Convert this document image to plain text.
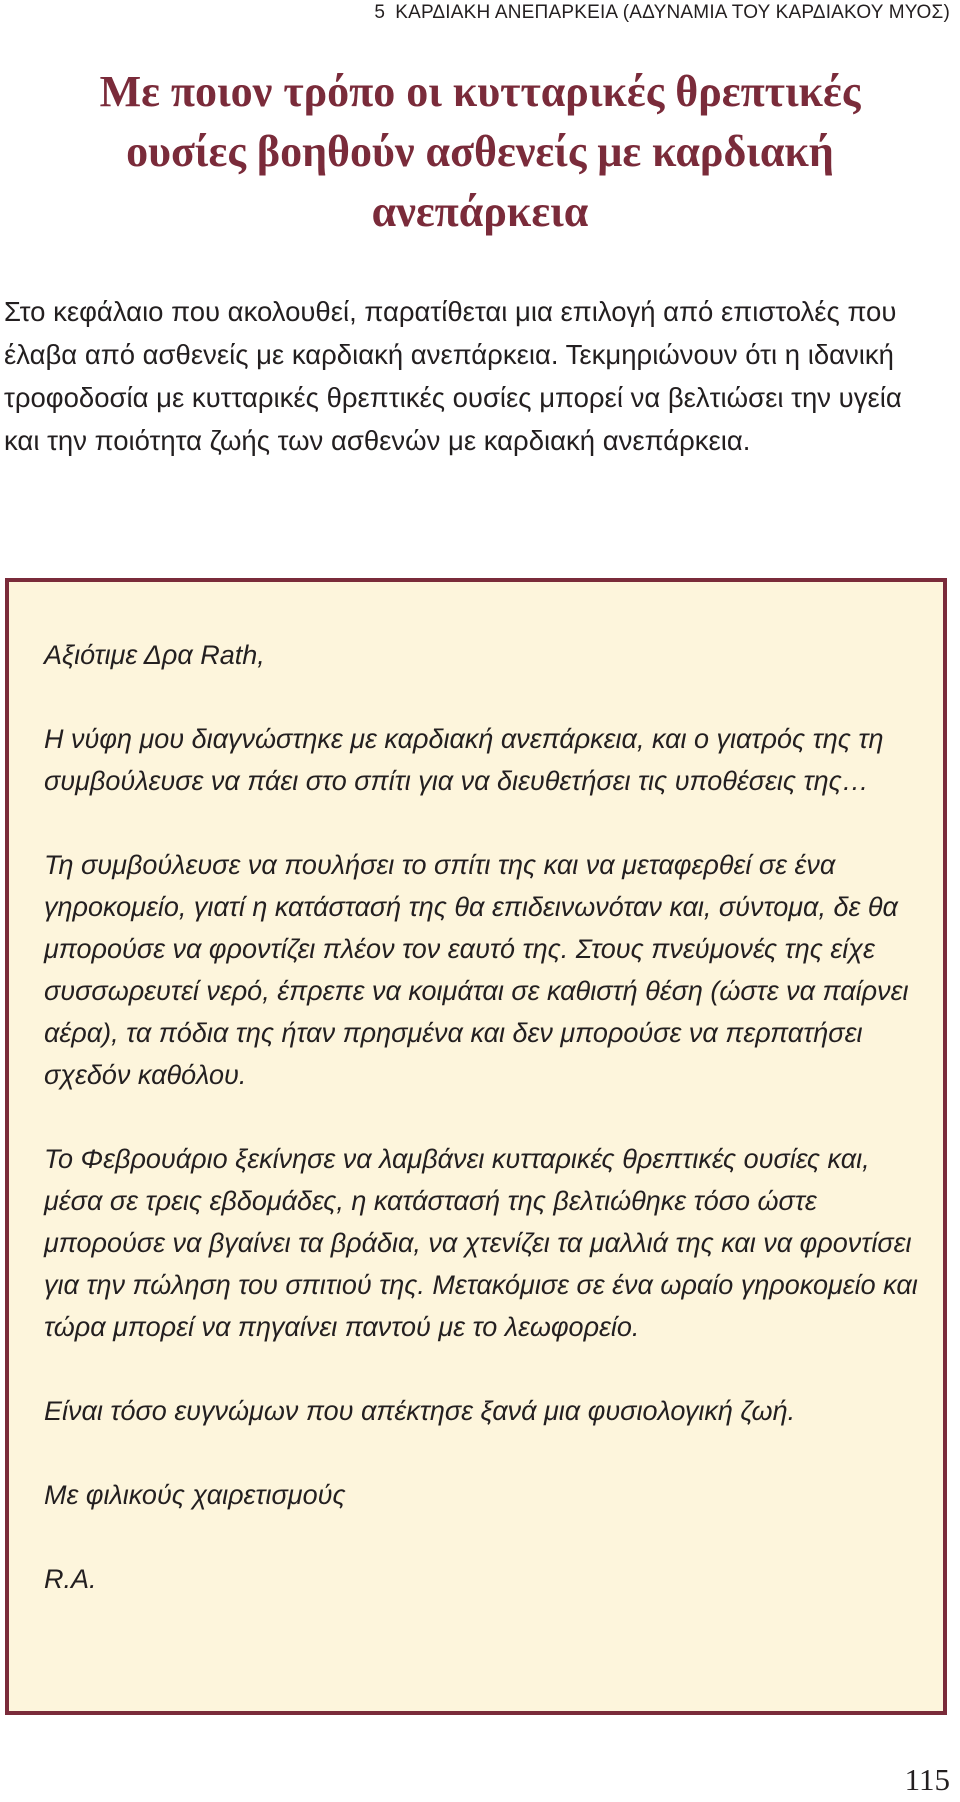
5 ΚΑΡΔΙΑΚΗ ΑΝΕΠΑΡΚΕΙΑ (ΑΔΥΝΑΜΙΑ ΤΟΥ ΚΑΡΔΙΑΚΟΥ ΜΥΟΣ)
Με ποιον τρόπο οι κυτταρικές θρεπτικές
ουσίες βοηθούν ασθενείς με καρδιακή
ανεπάρκεια

Στο κεφάλαιο που ακολουθεί, παρατίθεται μια επιλογή από επιστολές που έλαβα από ασθενείς με καρδιακή ανεπάρκεια. Τεκμηριώνουν ότι η ιδανική τροφοδοσία με κυτταρικές θρεπτικές ουσίες μπορεί να βελτιώσει την υγεία και την ποιότητα ζωής των ασθενών με καρδιακή ανεπάρκεια.

Αξιότιμε Δρα Rath,

Η νύφη μου διαγνώστηκε με καρδιακή ανεπάρκεια, και ο γιατρός της τη συμβούλευσε να πάει στο σπίτι για να διευθετήσει τις υποθέσεις της…

Τη συμβούλευσε να πουλήσει το σπίτι της και να μεταφερθεί σε ένα γηροκομείο, γιατί η κατάστασή της θα επιδεινωνόταν και, σύντομα, δε θα μπορούσε να φροντίζει πλέον τον εαυτό της. Στους πνεύμονές της είχε συσσωρευτεί νερό, έπρεπε να κοιμάται σε καθιστή θέση (ώστε να παίρνει αέρα), τα πόδια της ήταν πρησμένα και δεν μπορούσε να περπατήσει σχεδόν καθόλου.

Το Φεβρουάριο ξεκίνησε να λαμβάνει κυτταρικές θρεπτικές ουσίες και, μέσα σε τρεις εβδομάδες, η κατάστασή της βελτιώθηκε τόσο ώστε μπορούσε να βγαίνει τα βράδια, να χτενίζει τα μαλλιά της και να φροντίσει για την πώληση του σπιτιού της. Μετακόμισε σε ένα ωραίο γηροκομείο και τώρα μπορεί να πηγαίνει παντού με το λεωφορείο.

Είναι τόσο ευγνώμων που απέκτησε ξανά μια φυσιολογική ζωή.

Με φιλικούς χαιρετισμούς

R.A.

115
